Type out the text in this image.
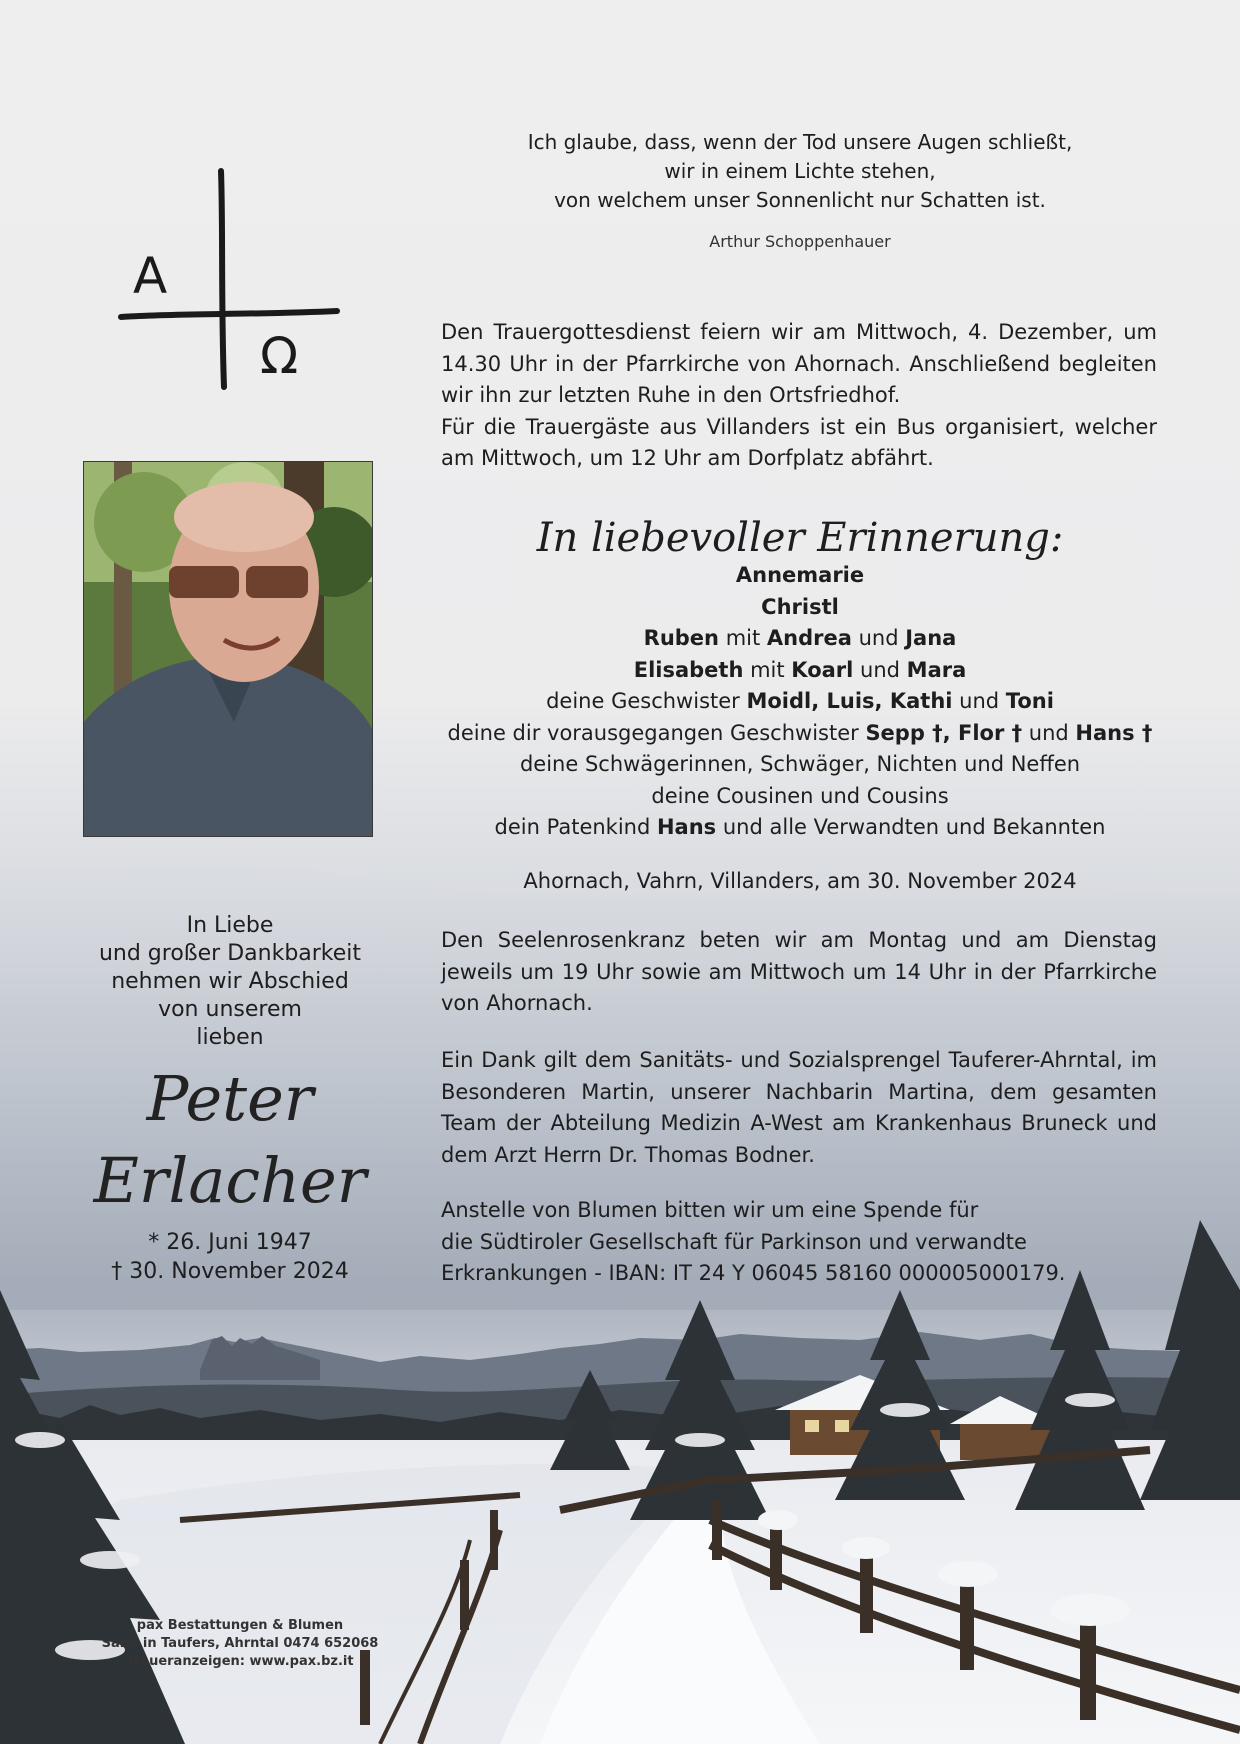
A
Ω
Ich glaube, dass, wenn der Tod unsere Augen schließt,
wir in einem Lichte stehen,
von welchem unser Sonnenlicht nur Schatten ist.
Arthur Schoppenhauer
Den Trauergottesdienst feiern wir am Mittwoch, 4. Dezember, um
14.30 Uhr in der Pfarrkirche von Ahornach. Anschließend begleiten
wir ihn zur letzten Ruhe in den Ortsfriedhof.
Für die Trauergäste aus Villanders ist ein Bus organisiert, welcher
am Mittwoch, um 12 Uhr am Dorfplatz abfährt.
In liebevoller Erinnerung:
Annemarie
Christl
Ruben mit Andrea und Jana
Elisabeth mit Koarl und Mara
deine Geschwister Moidl, Luis, Kathi und Toni
deine dir vorausgegangen Geschwister Sepp †, Flor † und Hans †
deine Schwägerinnen, Schwäger, Nichten und Neffen
deine Cousinen und Cousins
dein Patenkind Hans und alle Verwandten und Bekannten
Ahornach, Vahrn, Villanders, am 30. November 2024
Den Seelenrosenkranz beten wir am Montag und am Dienstag
jeweils um 19 Uhr sowie am Mittwoch um 14 Uhr in der Pfarrkirche
von Ahornach.
Ein Dank gilt dem Sanitäts- und Sozialsprengel Tauferer-Ahrntal, im
Besonderen Martin, unserer Nachbarin Martina, dem gesamten
Team der Abteilung Medizin A-West am Krankenhaus Bruneck und
dem Arzt Herrn Dr. Thomas Bodner.
Anstelle von Blumen bitten wir um eine Spende für
die Südtiroler Gesellschaft für Parkinson und verwandte
Erkrankungen - IBAN: IT 24 Y 06045 58160 000005000179.
In Liebe
und großer Dankbarkeit
nehmen wir Abschied
von unserem
lieben
Peter
Erlacher
* 26. Juni 1947
† 30. November 2024
pax Bestattungen & Blumen
Sand in Taufers, Ahrntal 0474 652068
Traueranzeigen: www.pax.bz.it
